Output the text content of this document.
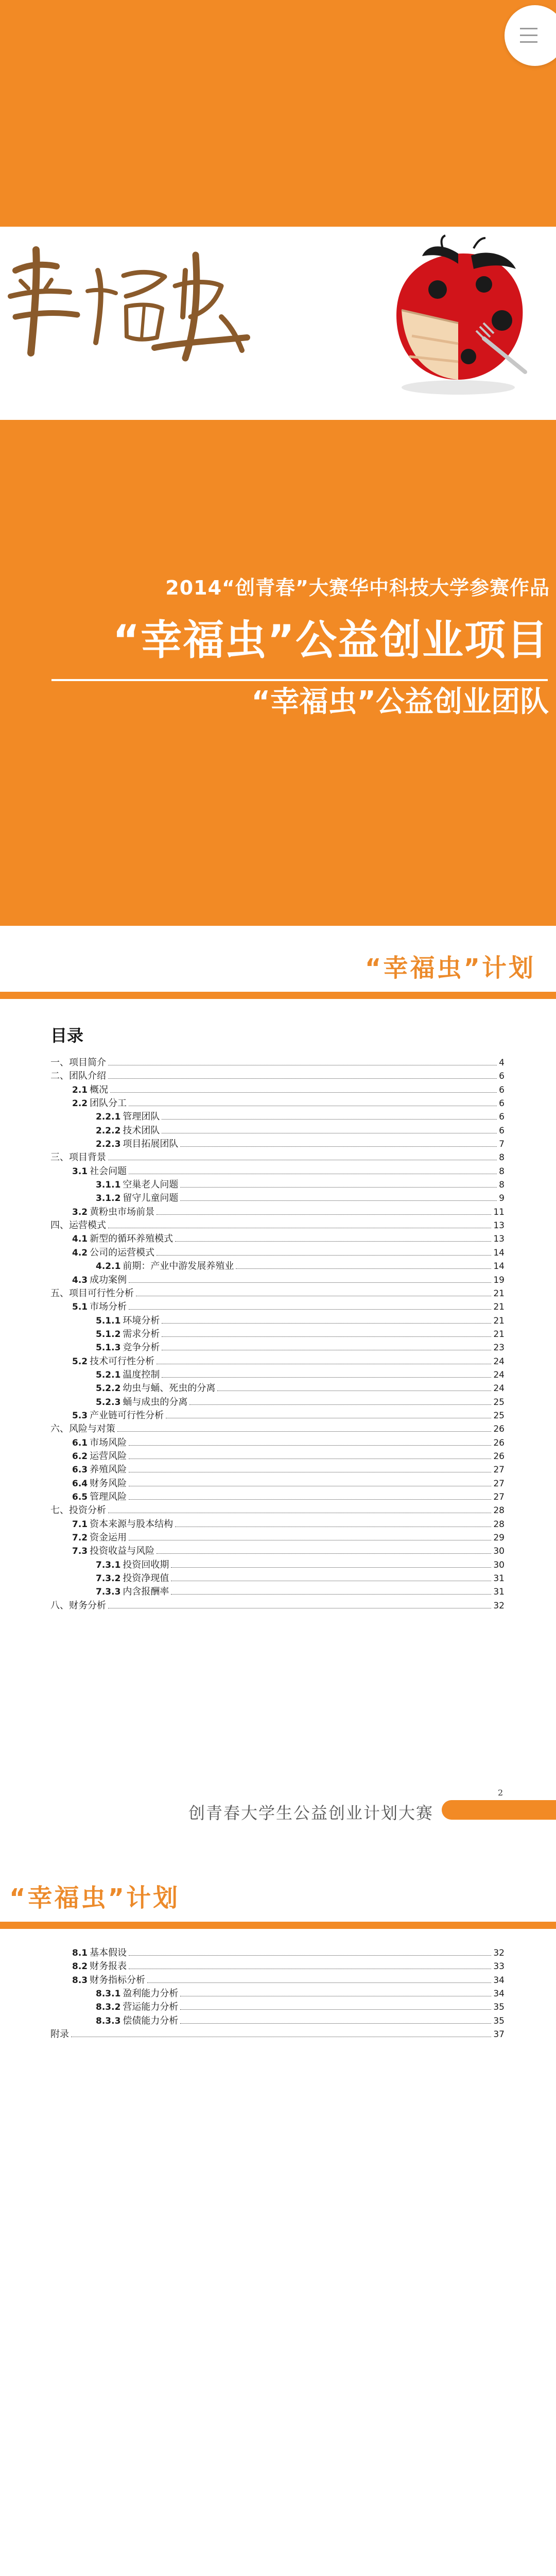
2014“创青春”大赛华中科技大学参赛作品
“幸福虫”公益创业项目
“幸福虫”公益创业团队
“幸福虫”计划
目录
一、项目简介	4
二、团队介绍	6
2.1 概况	6
2.2 团队分工	6
2.2.1 管理团队	6
2.2.2 技术团队	6
2.2.3 项目拓展团队	7
三、项目背景	8
3.1 社会问题	8
3.1.1 空巢老人问题	8
3.1.2 留守儿童问题	9
3.2 黄粉虫市场前景	11
四、运营模式	13
4.1 新型的循环养殖模式	13
4.2 公司的运营模式	14
4.2.1 前期：产业中游发展养殖业	14
4.3 成功案例	19
五、项目可行性分析	21
5.1 市场分析	21
5.1.1 环境分析	21
5.1.2 需求分析	21
5.1.3 竞争分析	23
5.2 技术可行性分析	24
5.2.1 温度控制	24
5.2.2 幼虫与蛹、死虫的分离	24
5.2.3 蛹与成虫的分离	25
5.3 产业链可行性分析	25
六、风险与对策	26
6.1 市场风险	26
6.2 运营风险	26
6.3 养殖风险	27
6.4 财务风险	27
6.5 管理风险	27
七、投资分析	28
7.1 资本来源与股本结构	28
7.2 资金运用	29
7.3 投资收益与风险	30
7.3.1 投资回收期	30
7.3.2 投资净现值	31
7.3.3 内含报酬率	31
八、财务分析	32
2
创青春大学生公益创业计划大赛
“幸福虫”计划
8.1 基本假设	32
8.2 财务报表	33
8.3 财务指标分析	34
8.3.1 盈利能力分析	34
8.3.2 营运能力分析	35
8.3.3 偿债能力分析	35
附录	37
